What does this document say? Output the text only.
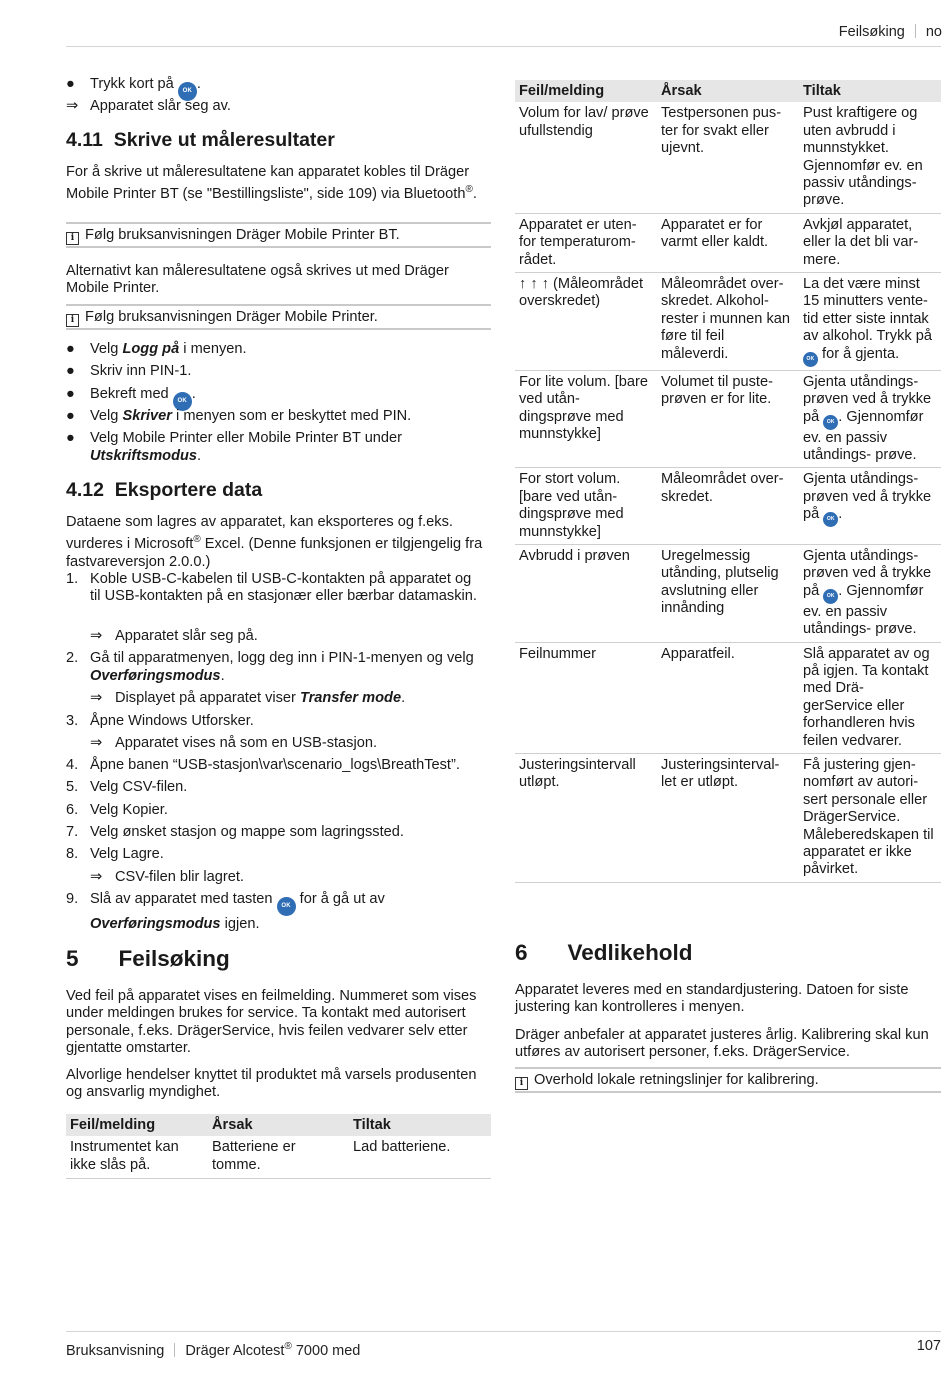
Feilsøking no
● Trykk kort på OK .
⇒ Apparatet slår seg av.
4.11 Skrive ut måleresultater

For å skrive ut måleresultatene kan apparatet kobles til Dräger Mobile Printer BT (se "Bestillingsliste", side 109) via Bluetooth®.

i Følg bruksanvisningen Dräger Mobile Printer BT.

Alternativt kan måleresultatene også skrives ut med Dräger Mobile Printer.

i Følg bruksanvisningen Dräger Mobile Printer.
● Velg Logg på i menyen.
● Skriv inn PIN-1.
● Bekreft med OK .
● Velg Skriver i menyen som er beskyttet med PIN.
● Velg Mobile Printer eller Mobile Printer BT under Utskriftsmodus.
4.12 Eksportere data

Dataene som lagres av apparatet, kan eksporteres og f.eks. vurderes i Microsoft® Excel. (Denne funksjonen er tilgjengelig fra fastvareversjon 2.0.0.)

1. Koble USB-C-kabelen til USB-C-kontakten på apparatet og til USB-kontakten på en stasjonær eller bærbar datamaskin.
⇒ Apparatet slår seg på.
2. Gå til apparatmenyen, logg deg inn i PIN-1-menyen og velg Overføringsmodus.
⇒ Displayet på apparatet viser Transfer mode.
3. Åpne Windows Utforsker.
⇒ Apparatet vises nå som en USB-stasjon.
4. Åpne banen “USB-stasjon\var\scenario_logs\BreathTest”.
5. Velg CSV-filen.
6. Velg Kopier.
7. Velg ønsket stasjon og mappe som lagringssted.
8. Velg Lagre.
⇒ CSV-filen blir lagret.
9. Slå av apparatet med tasten OK for å gå ut av
Overføringsmodus igjen.
5 Feilsøking

Ved feil på apparatet vises en feilmelding. Nummeret som vises under meldingen brukes for service. Ta kontakt med autorisert personale, f.eks. DrägerService, hvis feilen vedvarer selv etter gjentatte omstarter.

Alvorlige hendelser knyttet til produktet må varsels produsenten og ansvarlig myndighet.

Feil/melding	Årsak	Tiltak
Instrumentet kan ikke slås på.	Batteriene er tomme.	Lad batteriene.
Feil/melding	Årsak	Tiltak
Volum for lav/ prøve ufullstendig	Testpersonen pus- ter for svakt eller ujevnt.	Pust kraftigere og uten avbrudd i munnstykket. Gjennomfør ev. en passiv utåndings- prøve.
Apparatet er uten- for temperaturom- rådet.	Apparatet er for varmt eller kaldt.	Avkjøl apparatet, eller la det bli var- mere.
↑ ↑ ↑ (Måleområdet overskredet)	Måleområdet over- skredet. Alkohol- rester i munnen kan føre til feil måleverdi.	La det være minst 15 minutters vente- tid etter siste inntak av alkohol. Trykk på OK for å gjenta.
For lite volum. [bare ved utån- dingsprøve med munnstykke]	Volumet til puste- prøven er for lite.	Gjenta utåndings- prøven ved å trykke på OK . Gjennomfør ev. en passiv utåndings- prøve.
For stort volum. [bare ved utån- dingsprøve med munnstykke]	Måleområdet over- skredet.	Gjenta utåndings- prøven ved å trykke på OK .
Avbrudd i prøven	Uregelmessig utånding, plutselig avslutning eller innånding	Gjenta utåndings- prøven ved å trykke på OK . Gjennomfør ev. en passiv utåndings- prøve.
Feilnummer	Apparatfeil.	Slå apparatet av og på igjen. Ta kontakt med Drä- gerService eller forhandleren hvis feilen vedvarer.
Justeringsintervall utløpt.	Justeringsinterval- let er utløpt.	Få justering gjen- nomført av autori- sert personale eller DrägerService. Måleberedskapen til apparatet er ikke påvirket.
6 Vedlikehold

Apparatet leveres med en standardjustering. Datoen for siste justering kan kontrolleres i menyen.

Dräger anbefaler at apparatet justeres årlig. Kalibrering skal kun utføres av autorisert personer, f.eks. DrägerService.

i Overhold lokale retningslinjer for kalibrering.
Bruksanvisning Dräger Alcotest® 7000 med	107
